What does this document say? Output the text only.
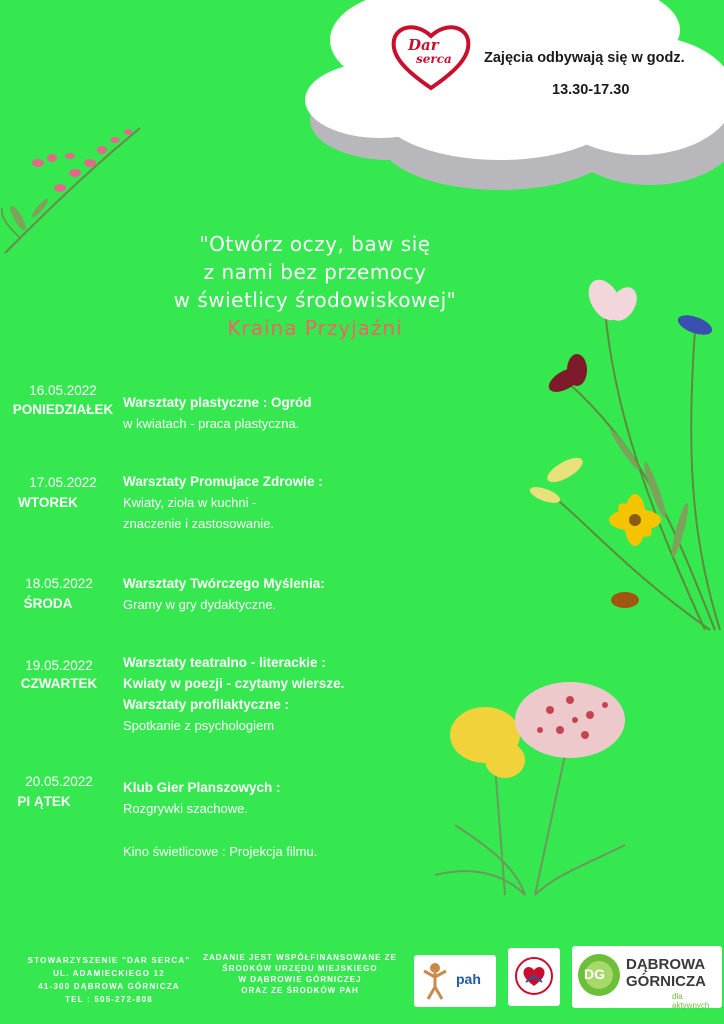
Dar
serca Zajęcia odbywają się w godz.
13.30-17.30
"Otwórz oczy, baw się
z nami bez przemocy
w świetlicy środowiskowej"
Kraina Przyjaźni
16.05.2022
PONIEDZIAŁEK Warsztaty plastyczne : Ogród
w kwiatach - praca plastyczna.
17.05.2022
WTOREK
Warsztaty Promujace Zdrowie :
Kwiaty, zioła w kuchni -
znaczenie i zastosowanie.
18.05.2022
ŚRODA
Warsztaty Twórczego Myślenia:
Gramy w gry dydaktyczne.
19.05.2022
CZWARTEK
Warsztaty teatralno - literackie :
Kwiaty w poezji - czytamy wiersze.
Warsztaty profilaktyczne :
Spotkanie z psychologiem
20.05.2022
PI ĄTEK
Klub Gier Planszowych :
Rozgrywki szachowe.
Kino świetlicowe : Projekcja filmu.
STOWARZYSZENIE "DAR SERCA"
UL. ADAMIECKIEGO 12
41-300 DĄBROWA GÓRNICZA
TEL : 505-272-808
ZADANIE JEST WSPÓŁFINANSOWANE ZE
ŚRODKÓW URZĘDU MIEJSKIEGO
W DĄBROWIE GÓRNICZEJ
ORAZ ZE ŚRODKÓW PAH
pah	DG
DĄBROWA
GÓRNICZA
dla aktywnych
